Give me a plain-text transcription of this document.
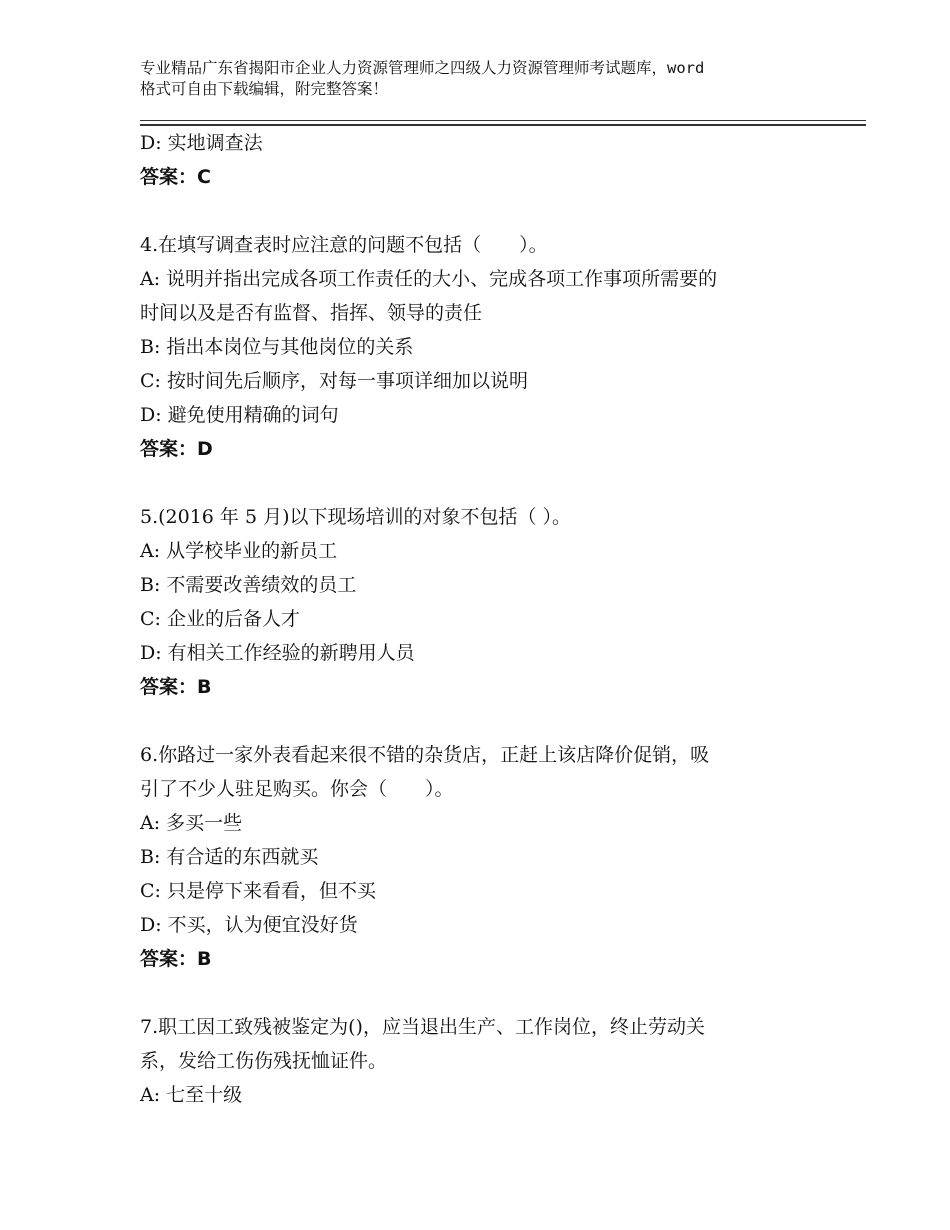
专业精品广东省揭阳市企业人力资源管理师之四级人力资源管理师考试题库，word
格式可自由下载编辑，附完整答案！
D: 实地调查法
答案：C
4.在填写调查表时应注意的问题不包括（　　）。
A: 说明并指出完成各项工作责任的大小、完成各项工作事项所需要的
时间以及是否有监督、指挥、领导的责任
B: 指出本岗位与其他岗位的关系
C: 按时间先后顺序，对每一事项详细加以说明
D: 避免使用精确的词句
答案：D
5.(2016 年 5 月)以下现场培训的对象不包括（ ）。
A: 从学校毕业的新员工
B: 不需要改善绩效的员工
C: 企业的后备人才
D: 有相关工作经验的新聘用人员
答案：B
6.你路过一家外表看起来很不错的杂货店，正赶上该店降价促销，吸
引了不少人驻足购买。你会（　　）。
A: 多买一些
B: 有合适的东西就买
C: 只是停下来看看，但不买
D: 不买，认为便宜没好货
答案：B
7.职工因工致残被鉴定为()，应当退出生产、工作岗位，终止劳动关
系，发给工伤伤残抚恤证件。
A: 七至十级
